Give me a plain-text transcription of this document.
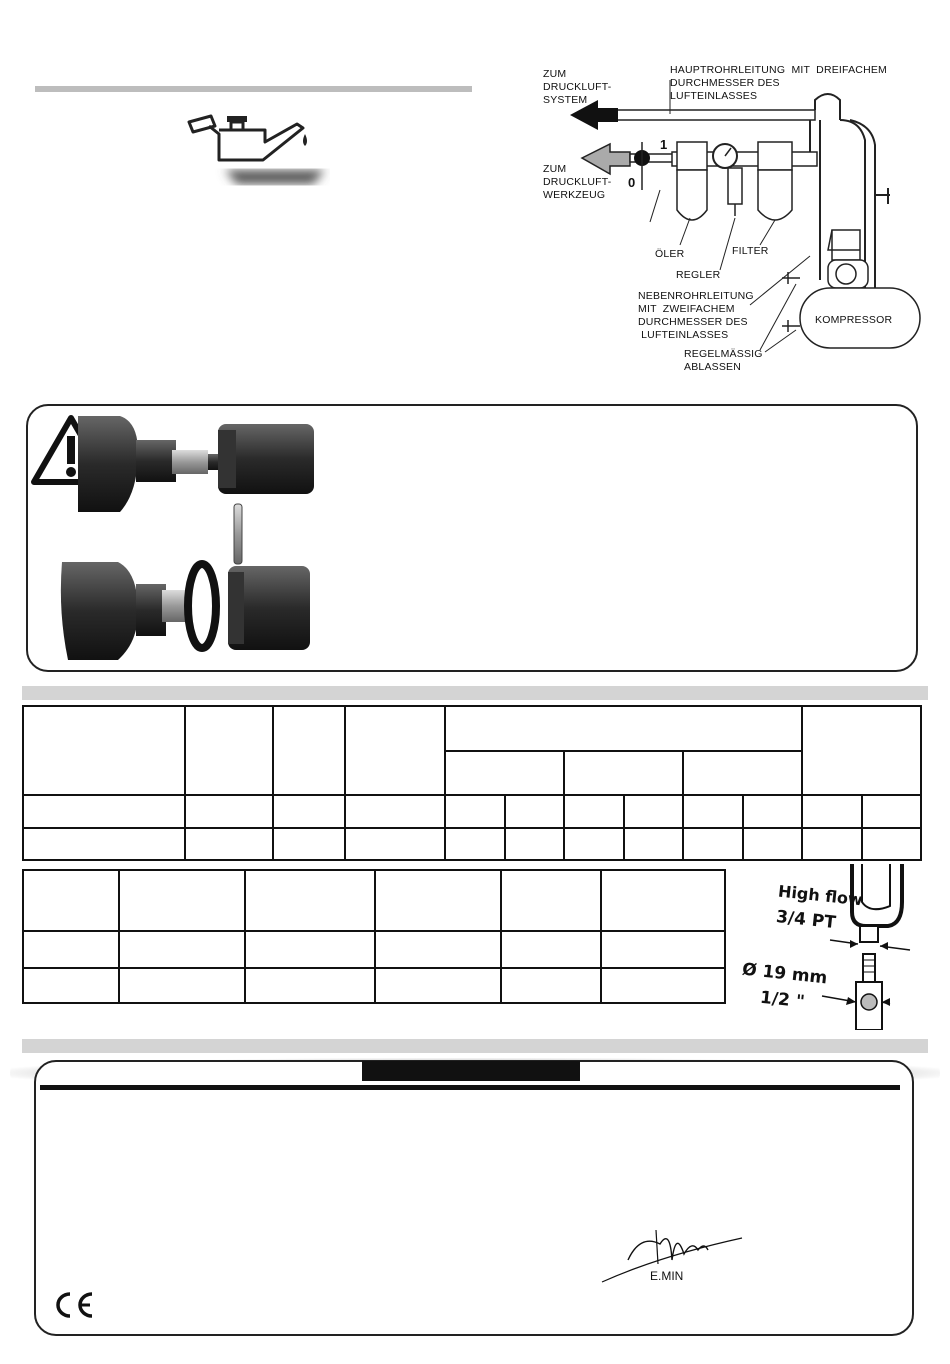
ZUM
DRUCKLUFT-
SYSTEM
ZUM
DRUCKLUFT-
WERKZEUG
HAUPTROHRLEITUNG  MIT  DREIFACHEM
DURCHMESSER DES
LUFTEINLASSES
1
0
ÖLER
REGLER
FILTER
NEBENROHRLEITUNG
MIT  ZWEIFACHEM
DURCHMESSER DES
LUFTEINLASSES
KOMPRESSOR
REGELMÄSSIG
ABLASSEN

High flow
3/4 PT
Ø 19 mm
1/2 "
E.MIN
